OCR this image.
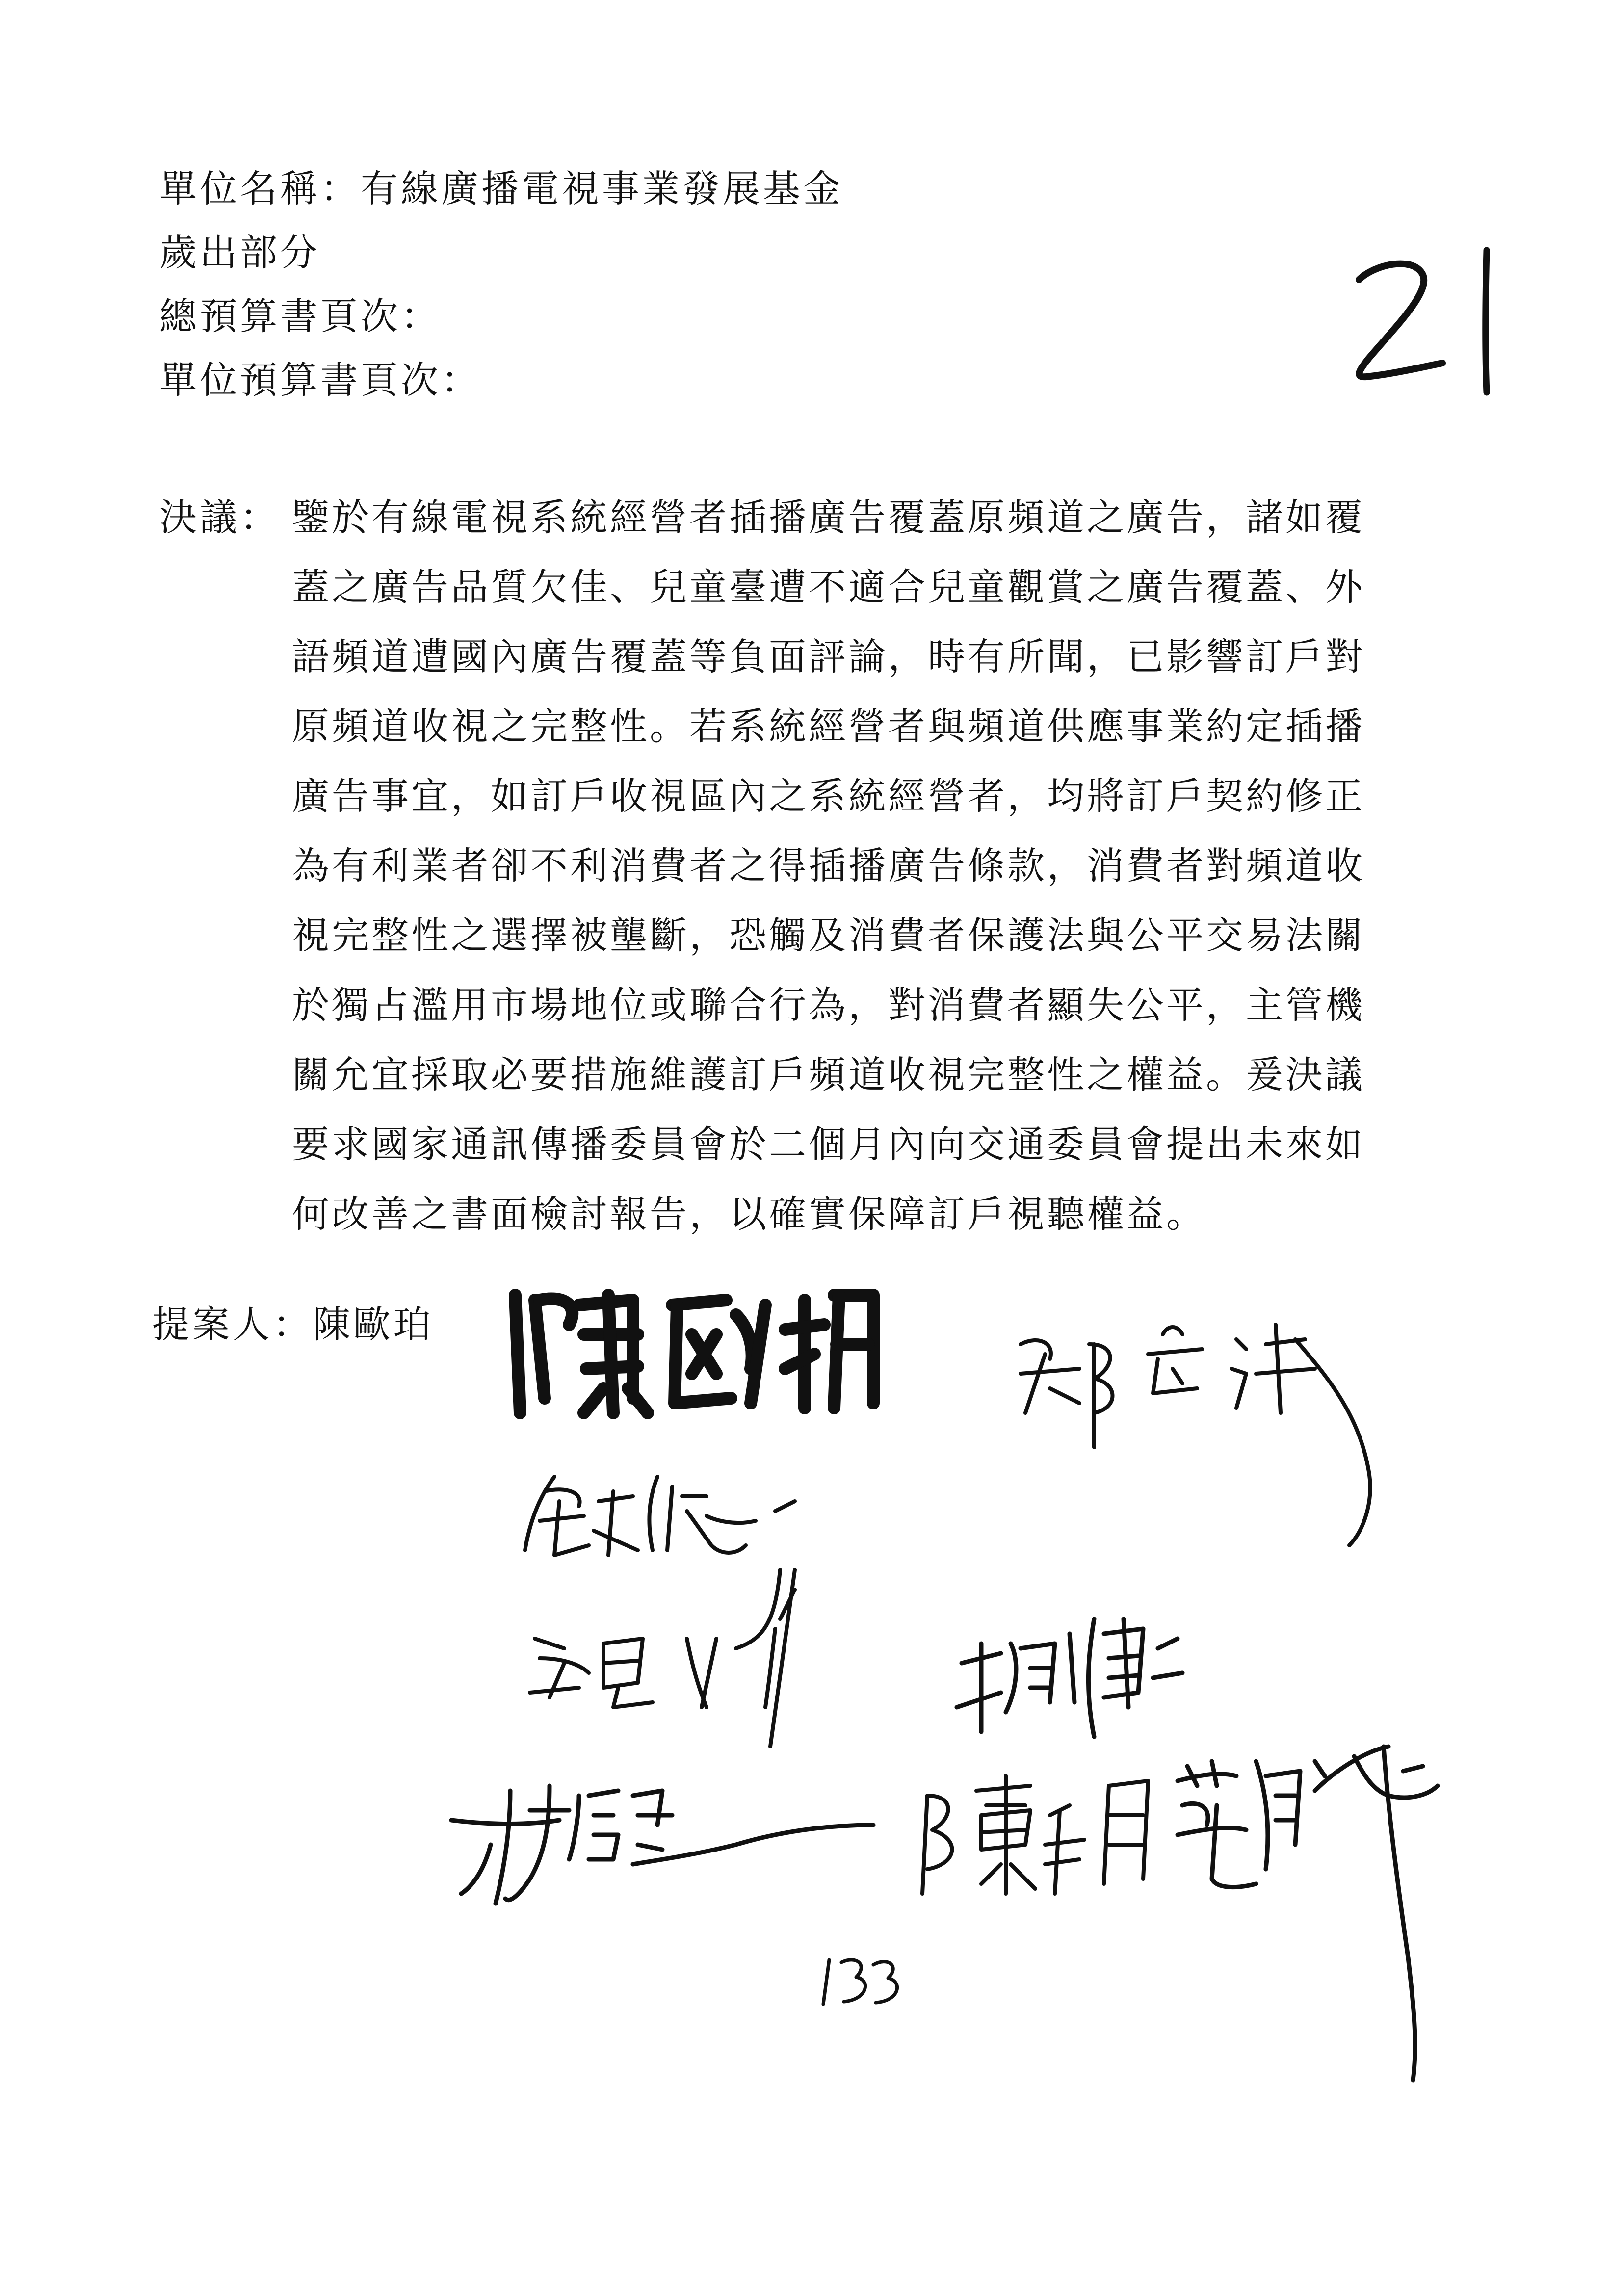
單位名稱：有線廣播電視事業發展基金
歲出部分
總預算書頁次：
單位預算書頁次：
決議： 鑒於有線電視系統經營者插播廣告覆蓋原頻道之廣告，諸如覆
蓋之廣告品質欠佳、兒童臺遭不適合兒童觀賞之廣告覆蓋、外
語頻道遭國內廣告覆蓋等負面評論，時有所聞，已影響訂戶對
原頻道收視之完整性。若系統經營者與頻道供應事業約定插播
廣告事宜，如訂戶收視區內之系統經營者，均將訂戶契約修正
為有利業者卻不利消費者之得插播廣告條款，消費者對頻道收
視完整性之選擇被壟斷，恐觸及消費者保護法與公平交易法關
於獨占濫用市場地位或聯合行為，對消費者顯失公平，主管機
關允宜採取必要措施維護訂戶頻道收視完整性之權益。爰決議
要求國家通訊傳播委員會於二個月內向交通委員會提出未來如
何改善之書面檢討報告，以確實保障訂戶視聽權益。
提案人：陳歐珀
